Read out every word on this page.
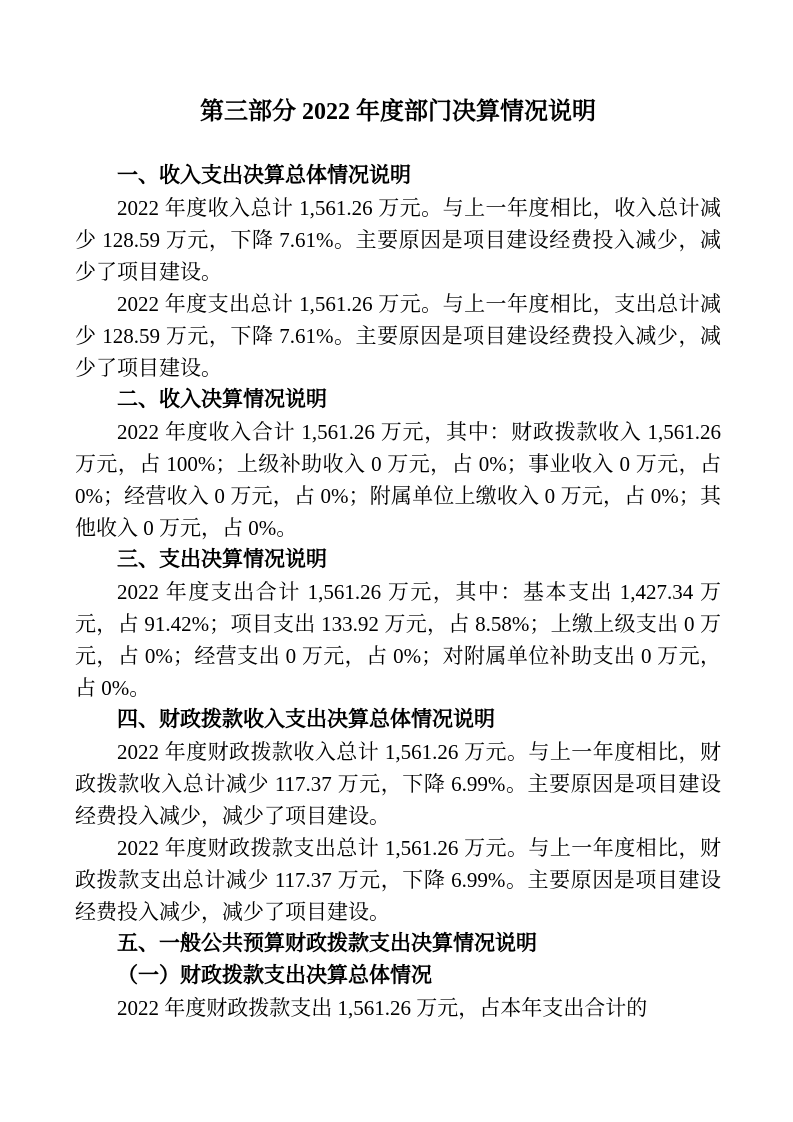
第三部分 2022 年度部门决算情况说明
一、收入支出决算总体情况说明

2022 年度收入总计 1,561.26 万元。与上一年度相比，收入总计减少 128.59 万元，下降 7.61%。主要原因是项目建设经费投入减少，减少了项目建设。

2022 年度支出总计 1,561.26 万元。与上一年度相比，支出总计减少 128.59 万元，下降 7.61%。主要原因是项目建设经费投入减少，减少了项目建设。

二、收入决算情况说明

2022 年度收入合计 1,561.26 万元，其中：财政拨款收入 1,561.26 万元，占 100%；上级补助收入 0 万元，占 0%；事业收入 0 万元，占 0%；经营收入 0 万元，占 0%；附属单位上缴收入 0 万元，占 0%；其他收入 0 万元，占 0%。

三、支出决算情况说明

2022 年度支出合计 1,561.26 万元，其中：基本支出 1,427.34 万元，占 91.42%；项目支出 133.92 万元，占 8.58%；上缴上级支出 0 万元，占 0%；经营支出 0 万元，占 0%；对附属单位补助支出 0 万元，占 0%。

四、财政拨款收入支出决算总体情况说明

2022 年度财政拨款收入总计 1,561.26 万元。与上一年度相比，财政拨款收入总计减少 117.37 万元，下降 6.99%。主要原因是项目建设经费投入减少，减少了项目建设。

2022 年度财政拨款支出总计 1,561.26 万元。与上一年度相比，财政拨款支出总计减少 117.37 万元，下降 6.99%。主要原因是项目建设经费投入减少，减少了项目建设。

五、一般公共预算财政拨款支出决算情况说明
（一）财政拨款支出决算总体情况

2022 年度财政拨款支出 1,561.26 万元，占本年支出合计的
